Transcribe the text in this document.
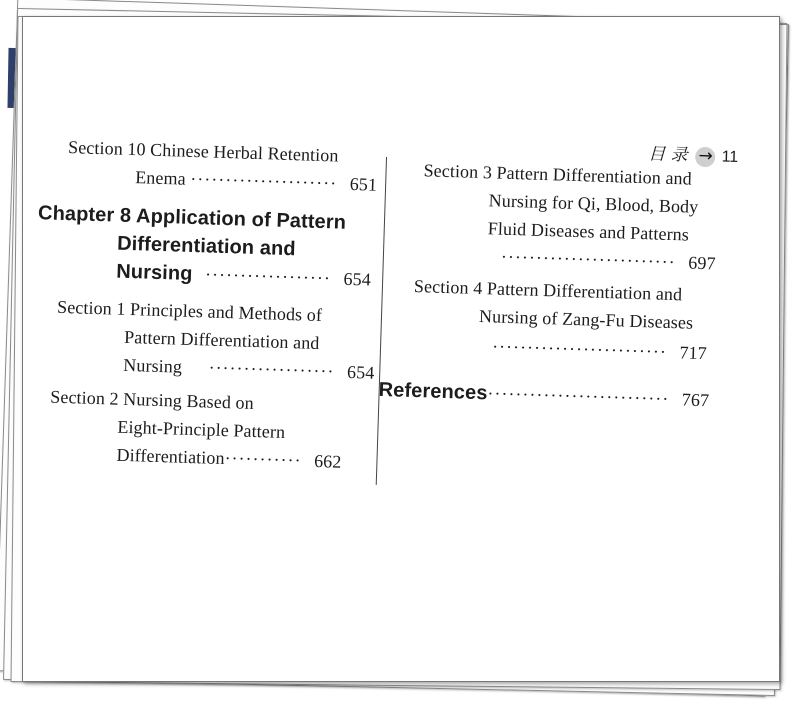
目 录 → 11
Section 10 Chinese Herbal Retention
Enema ····················· 651
Chapter 8 Application of Pattern
Differentiation and
Nursing ·················· 654
Section 1 Principles and Methods of
Pattern Differentiation and
Nursing ·················· 654
Section 2 Nursing Based on
Eight-Principle Pattern
Differentiation··········· 662
Section 3 Pattern Differentiation and
Nursing for Qi, Blood, Body
Fluid Diseases and Patterns
························· 697
Section 4 Pattern Differentiation and
Nursing of Zang-Fu Diseases
························· 717
References·························· 767
